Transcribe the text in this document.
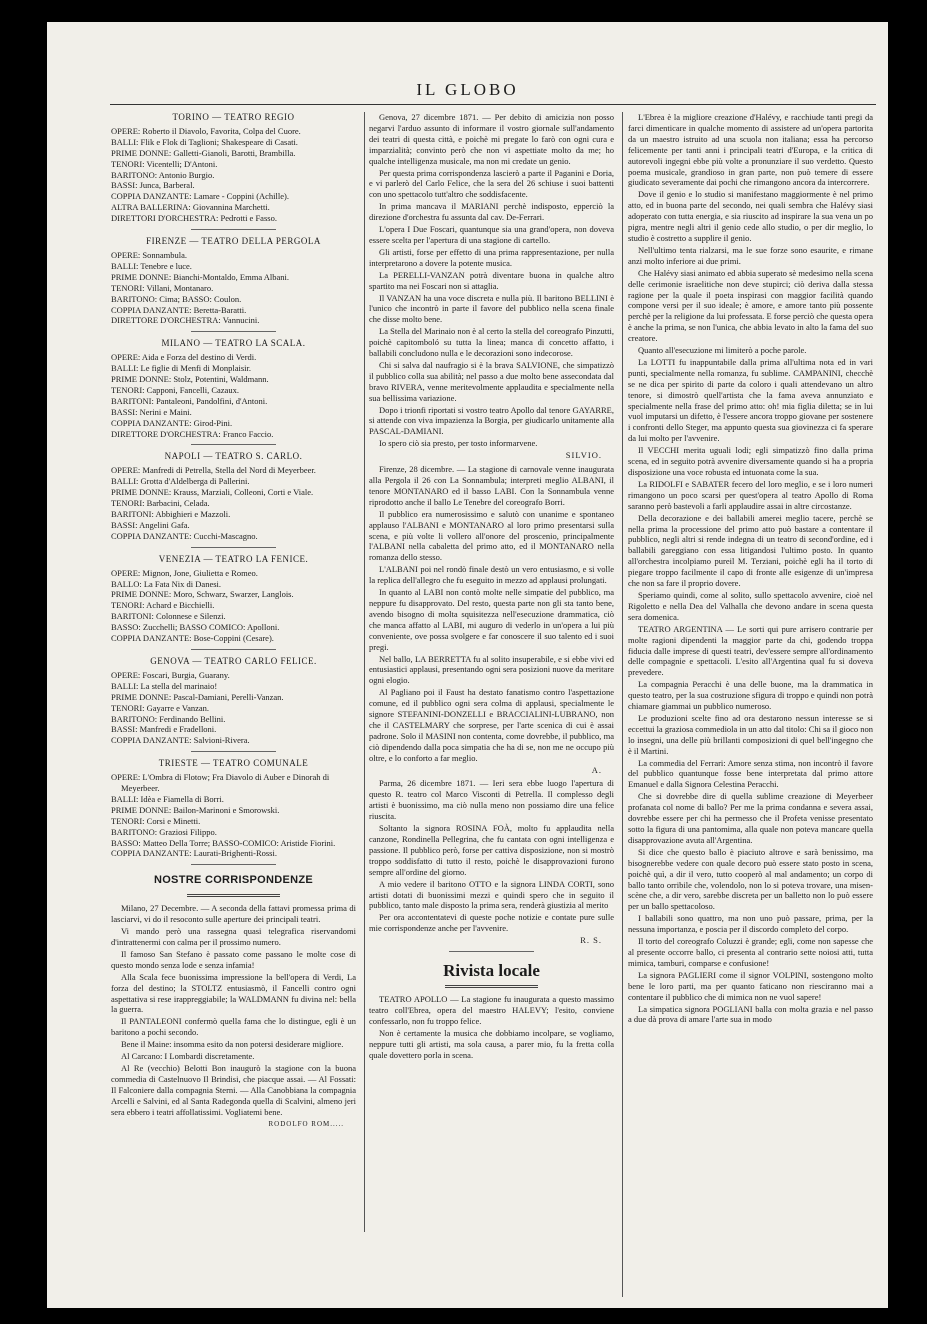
IL GLOBO
TORINO — TEATRO REGIO
OPERE: Roberto il Diavolo, Favorita, Colpa del Cuore.
BALLI: Flik e Flok di Taglioni; Shakespeare di Casati.
PRIME DONNE: Galletti-Gianoli, Barotti, Brambilla.
TENORI: Vicentelli; D'Antoni.
BARITONO: Antonio Burgio.
BASSI: Junca, Barberal.
COPPIA DANZANTE: Lamare - Coppini (Achille).
ALTRA BALLERINA: Giovannina Marchetti.
DIRETTORI D'ORCHESTRA: Pedrotti e Fasso.
FIRENZE — TEATRO DELLA PERGOLA
OPERE: Sonnambula.
BALLI: Tenebre e luce.
PRIME DONNE: Bianchi-Montaldo, Emma Albani.
TENORI: Villani, Montanaro.
BARITONO: Cima; BASSO: Coulon.
COPPIA DANZANTE: Beretta-Baratti.
DIRETTORE D'ORCHESTRA: Vannucini.
MILANO — TEATRO LA SCALA.
OPERE: Aida e Forza del destino di Verdi.
BALLI: Le figlie di Menfi di Monplaisir.
PRIME DONNE: Stolz, Potentini, Waldmann.
TENORI: Capponi, Fancelli, Cazaux.
BARITONI: Pantaleoni, Pandolfini, d'Antoni.
BASSI: Nerini e Maini.
COPPIA DANZANTE: Girod-Pini.
DIRETTORE D'ORCHESTRA: Franco Faccio.
NAPOLI — TEATRO S. CARLO.
OPERE: Manfredi di Petrella, Stella del Nord di Meyerbeer.
BALLI: Grotta d'Aldelberga di Pallerini.
PRIME DONNE: Krauss, Marziali, Colleoni, Corti e Viale.
TENORI: Barbacini, Celada.
BARITONI: Abbighieri e Mazzoli.
BASSI: Angelini Gafa.
COPPIA DANZANTE: Cucchi-Mascagno.
VENEZIA — TEATRO LA FENICE.
OPERE: Mignon, Jone, Giulietta e Romeo.
BALLO: La Fata Nix di Danesi.
PRIME DONNE: Moro, Schwarz, Swarzer, Langlois.
TENORI: Achard e Bicchielli.
BARITONI: Colonnese e Silenzi.
BASSO: Zucchelli; BASSO COMICO: Apolloni.
COPPIA DANZANTE: Bose-Coppini (Cesare).
GENOVA — TEATRO CARLO FELICE.
OPERE: Foscari, Burgia, Guarany.
BALLI: La stella del marinaio!
PRIME DONNE: Pascal-Damiani, Perelli-Vanzan.
TENORI: Gayarre e Vanzan.
BARITONO: Ferdinando Bellini.
BASSI: Manfredi e Fradelloni.
COPPIA DANZANTE: Salvioni-Rivera.
TRIESTE — TEATRO COMUNALE
OPERE: L'Ombra di Flotow; Fra Diavolo di Auber e Dinorah di Meyerbeer.
BALLI: Idèa e Fiamella di Borri.
PRIME DONNE: Bailon-Marinoni e Smorowski.
TENORI: Corsi e Minetti.
BARITONO: Graziosi Filippo.
BASSO: Matteo Della Torre; BASSO-COMICO: Aristide Fiorini.
COPPIA DANZANTE: Laurati-Brighenti-Rossi.
NOSTRE CORRISPONDENZE

Milano, 27 Decembre. — A seconda della fattavi promessa prima di lasciarvi, vi do il resoconto sulle aperture dei principali teatri.

Vi mando però una rassegna quasi telegrafica riservandomi d'intrattenermi con calma per il prossimo numero.

Il famoso San Stefano è passato come passano le molte cose di questo mondo senza lode e senza infamia!

Alla Scala fece buonissima impressione la bell'opera di Verdi, La forza del destino; la STOLTZ entusiasmò, il Fancelli contro ogni aspettativa si rese irappreggiabile; la WALDMANN fu divina nel: bella la guerra.

Il PANTALEONI confermò quella fama che lo distingue, egli è un baritono a pochi secondo.

Bene il Maine: insomma esito da non potersi desiderare migliore.

Al Carcano: I Lombardi discretamente.

Al Re (vecchio) Belotti Bon inaugurò la stagione con la buona commedia di Castelnuovo Il Brindisi, che piacque assai. — Al Fossati: Il Falconiere dalla compagnia Sterni. — Alla Canobbiana la compagnia Arcelli e Salvini, ed al Santa Radegonda quella di Scalvini, almeno jeri sera ebbero i teatri affollatissimi. Vogliatemi bene.

RODOLFO ROM.....

Genova, 27 dicembre 1871. — Per debito di amicizia non posso negarvi l'arduo assunto di informare il vostro giornale sull'andamento dei teatri di questa città, e poichè mi pregate lo farò con ogni cura e imparzialità; convinto però che non vi aspettiate molto da me; ho qualche intelligenza musicale, ma non mi credate un genio.

Per questa prima corrispondenza lascierò a parte il Paganini e Doria, e vi parlerò del Carlo Felice, che la sera del 26 schiuse i suoi battenti con uno spettacolo tutt'altro che soddisfacente.

In prima mancava il MARIANI perchè indisposto, epperciò la direzione d'orchestra fu assunta dal cav. De-Ferrari.

L'opera I Due Foscari, quantunque sia una grand'opera, non doveva essere scelta per l'apertura di una stagione di cartello.

Gli artisti, forse per effetto di una prima rappresentazione, per nulla interpretarono a dovere la potente musica.

La PERELLI-VANZAN potrà diventare buona in qualche altro spartito ma nei Foscari non si attaglia.

Il VANZAN ha una voce discreta e nulla più. Il baritono BELLINI è l'unico che incontrò in parte il favore del pubblico nella scena finale che disse molto bene.

La Stella del Marinaio non è al certo la stella del coreografo Pinzutti, poichè capitomboló su tutta la linea; manca di concetto affatto, i ballabili concludono nulla e le decorazioni sono indecorose.

Chi si salva dal naufragio si è la brava SALVIONE, che simpatizzò il pubblico colla sua abilità; nel passo a due molto bene assecondata dal bravo RIVERA, venne meritevolmente applaudita e specialmente nella sua bellissima variazione.

Dopo i trionfi riportati si vostro teatro Apollo dal tenore GAYARRE, si attende con viva impazienza la Borgia, per giudicarlo unitamente alla PASCAL-DAMIANI.

Io spero ciò sia presto, per tosto informarvene.

SILVIO.

Firenze, 28 dicembre. — La stagione di carnovale venne inaugurata alla Pergola il 26 con La Sonnambula; interpreti meglio ALBANI, il tenore MONTANARO ed il basso LABI. Con la Sonnambula venne riprodotto anche il ballo Le Tenebre del coreografo Borri.

Il pubblico era numerosissimo e salutò con unanime e spontaneo applauso l'ALBANI e MONTANARO al loro primo presentarsi sulla scena, e più volte li vollero all'onore del proscenio, principalmente l'ALBANI nella cabaletta del primo atto, ed il MONTANARO nella romanza dello stesso.

L'ALBANI poi nel rondò finale destò un vero entusiasmo, e si volle la replica dell'allegro che fu eseguito in mezzo ad applausi prolungati.

In quanto al LABI non contò molte nelle simpatie del pubblico, ma neppure fu disapprovato. Del resto, questa parte non gli sta tanto bene, avendo bisogno di molta squisitezza nell'esecuzione drammatica, ciò che manca affatto al LABI, mi auguro di vederlo in un'opera a lui più conveniente, ove possa svolgere e far conoscere il suo talento ed i suoi pregi.

Nel ballo, LA BERRETTA fu al solito insuperabile, e si ebbe vivi ed entusiastici applausi, presentando ogni sera posizioni nuove da meritare ogni elogio.

Al Pagliano poi il Faust ha destato fanatismo contro l'aspettazione comune, ed il pubblico ogni sera colma di applausi, specialmente le signore STEFANINI-DONZELLI e BRACCIALINI-LUBRANO, non che il CASTELMARY che sorprese, per l'arte scenica di cui è assai padrone. Solo il MASINI non contenta, come dovrebbe, il pubblico, ma ciò dipendendo dalla poca simpatia che ha di se, non me ne occupo più oltre, e lo conforto a far meglio.

A.

Parma, 26 dicembre 1871. — Ieri sera ebbe luogo l'apertura di questo R. teatro col Marco Visconti di Petrella. Il complesso degli artisti è buonissimo, ma ciò nulla meno non possiamo dire una felice riuscita.

Soltanto la signora ROSINA FOÀ, molto fu applaudita nella canzone, Rondinella Pellegrina, che fu cantata con ogni intelligenza e passione. Il pubblico però, forse per cattiva disposizione, non si mostrò troppo soddisfatto di tutto il resto, poichè le disapprovazioni furono sempre all'ordine del giorno.

A mio vedere il baritono OTTO e la signora LINDA CORTI, sono artisti dotati di buonissimi mezzi e quindi spero che in seguito il pubblico, tanto male disposto la prima sera, renderà giustizia al merito

Per ora accontentatevi di queste poche notizie e contate pure sulle mie corrispondenze anche per l'avvenire.

R. S.
Rivista locale

TEATRO APOLLO — La stagione fu inaugurata a questo massimo teatro coll'Ebrea, opera del maestro HALEVY; l'esito, conviene confessarlo, non fu troppo felice.

Non è certamente la musica che dobbiamo incolpare, se vogliamo, neppure tutti gli artisti, ma sola causa, a parer mio, fu la fretta colla quale dovettero porla in scena.

L'Ebrea è la migliore creazione d'Halévy, e racchiude tanti pregi da farci dimenticare in qualche momento di assistere ad un'opera partorita da un maestro istruito ad una scuola non italiana; essa ha percorso felicemente per tanti anni i principali teatri d'Europa, e la critica di autorevoli ingegni ebbe più volte a pronunziare il suo verdetto. Questo poema musicale, grandioso in gran parte, non può temere di essere giudicato severamente dai pochi che rimangono ancora da intercorrere.

Dove il genio e lo studio si manifestano maggiormente è nel primo atto, ed in buona parte del secondo, nei quali sembra che Halévy siasi adoperato con tutta energia, e sia riuscito ad inspirare la sua vena un po pigra, mentre negli altri il genio cede allo studio, o per dir meglio, lo studio è costretto a supplire il genio.

Nell'ultimo tenta rialzarsi, ma le sue forze sono esaurite, e rimane anzi molto inferiore ai due primi.

Che Halévy siasi animato ed abbia superato sè medesimo nella scena delle cerimonie israelitiche non deve stupirci; ciò deriva dalla stessa ragione per la quale il poeta inspirasi con maggior facilità quando compone versi per il suo ideale; è amore, e amore tanto più possente perchè per la religione da lui professata. E forse perciò che questa opera è anche la prima, se non l'unica, che abbia levato in alto la fama del suo creatore.

Quanto all'esecuzione mi limiterò a poche parole.

La LOTTI fu inappuntabile dalla prima all'ultima nota ed in vari punti, specialmente nella romanza, fu sublime. CAMPANINI, checchè se ne dica per spirito di parte da coloro i quali attendevano un altro tenore, si dimostrò quell'artista che la fama aveva annunziato e specialmente nella frase del primo atto: oh! mia figlia diletta; se in lui vuol imputarsi un difetto, è l'essere ancora troppo giovane per sostenere i confronti dello Steger, ma appunto questa sua giovinezza ci fa sperare da lui molto per l'avvenire.

Il VECCHI merita uguali lodi; egli simpatizzò fino dalla prima scena, ed in seguito potrà avvenire diversamente quando si ha a propria disposizione una voce robusta ed intuonata come la sua.

La RIDOLFI e SABATER fecero del loro meglio, e se i loro numeri rimangono un poco scarsi per quest'opera al teatro Apollo di Roma saranno però bastevoli a farli applaudire assai in altre circostanze.

Della decorazione e dei ballabili amerei meglio tacere, perchè se nella prima la processione del primo atto può bastare a contentare il pubblico, negli altri si rende indegna di un teatro di second'ordine, ed i ballabili gareggiano con essa litigandosi l'ultimo posto. In quanto all'orchestra incolpiamo pureil M. Terziani, poichè egli ha il torto di piegare troppo facilmente il capo di fronte alle esigenze di un'impresa che non sa fare il proprio dovere.

Speriamo quindi, come al solito, sullo spettacolo avvenire, cioè nel Rigoletto e nella Dea del Valhalla che devono andare in scena questa sera domenica.

TEATRO ARGENTINA — Le sorti qui pure arrisero contrarie per molte ragioni dipendenti la maggior parte da chi, godendo troppa fiducia dalle imprese di questi teatri, dev'essere sempre all'ordinamento delle compagnie e spettacoli. L'esito all'Argentina qual fu si doveva prevedere.

La compagnia Peracchi è una delle buone, ma la drammatica in questo teatro, per la sua costruzione sfigura di troppo e quindi non potrà chiamare giammai un pubblico numeroso.

Le produzioni scelte fino ad ora destarono nessun interesse se si eccettui la graziosa commediola in un atto dal titolo: Chi sa il gioco non lo insegni, una delle più brillanti composizioni di quel bell'ingegno che è il Martini.

La commedia del Ferrari: Amore senza stima, non incontrò il favore del pubblico quantunque fosse bene interpretata dal primo attore Emanuel e dalla Signora Celestina Peracchi.

Che si dovrebbe dire di quella sublime creazione di Meyerbeer profanata col nome di ballo? Per me la prima condanna e severa assai, dovrebbe essere per chi ha permesso che il Profeta venisse presentato sotto la figura di una pantomima, alla quale non poteva mancare quella disapprovazione avuta all'Argentina.

Si dice che questo ballo è piaciuto altrove e sarà benissimo, ma bisognerebbe vedere con quale decoro può essere stato posto in scena, poichè quì, a dir il vero, tutto cooperò al mal andamento; un corpo di ballo tanto orribile che, volendolo, non lo si poteva trovare, una misen-scène che, a dir vero, sarebbe discreta per un balletto non lo può essere per un ballo spettacoloso.

I ballabili sono quattro, ma non uno può passare, prima, per la nessuna importanza, e poscia per il discordo completo del corpo.

Il torto del coreografo Coluzzi è grande; egli, come non sapesse che al presente occorre ballo, ci presenta al contrario sette noiosi atti, tutta mimica, tamburi, comparse e confusione!

La signora PAGLIERI come il signor VOLPINI, sostengono molto bene le loro parti, ma per quanto faticano non riesciranno mai a contentare il pubblico che di mimica non ne vuol sapere!

La simpatica signora POGLIANI balla con molta grazia e nel passo a due dà prova di amare l'arte sua in modo
